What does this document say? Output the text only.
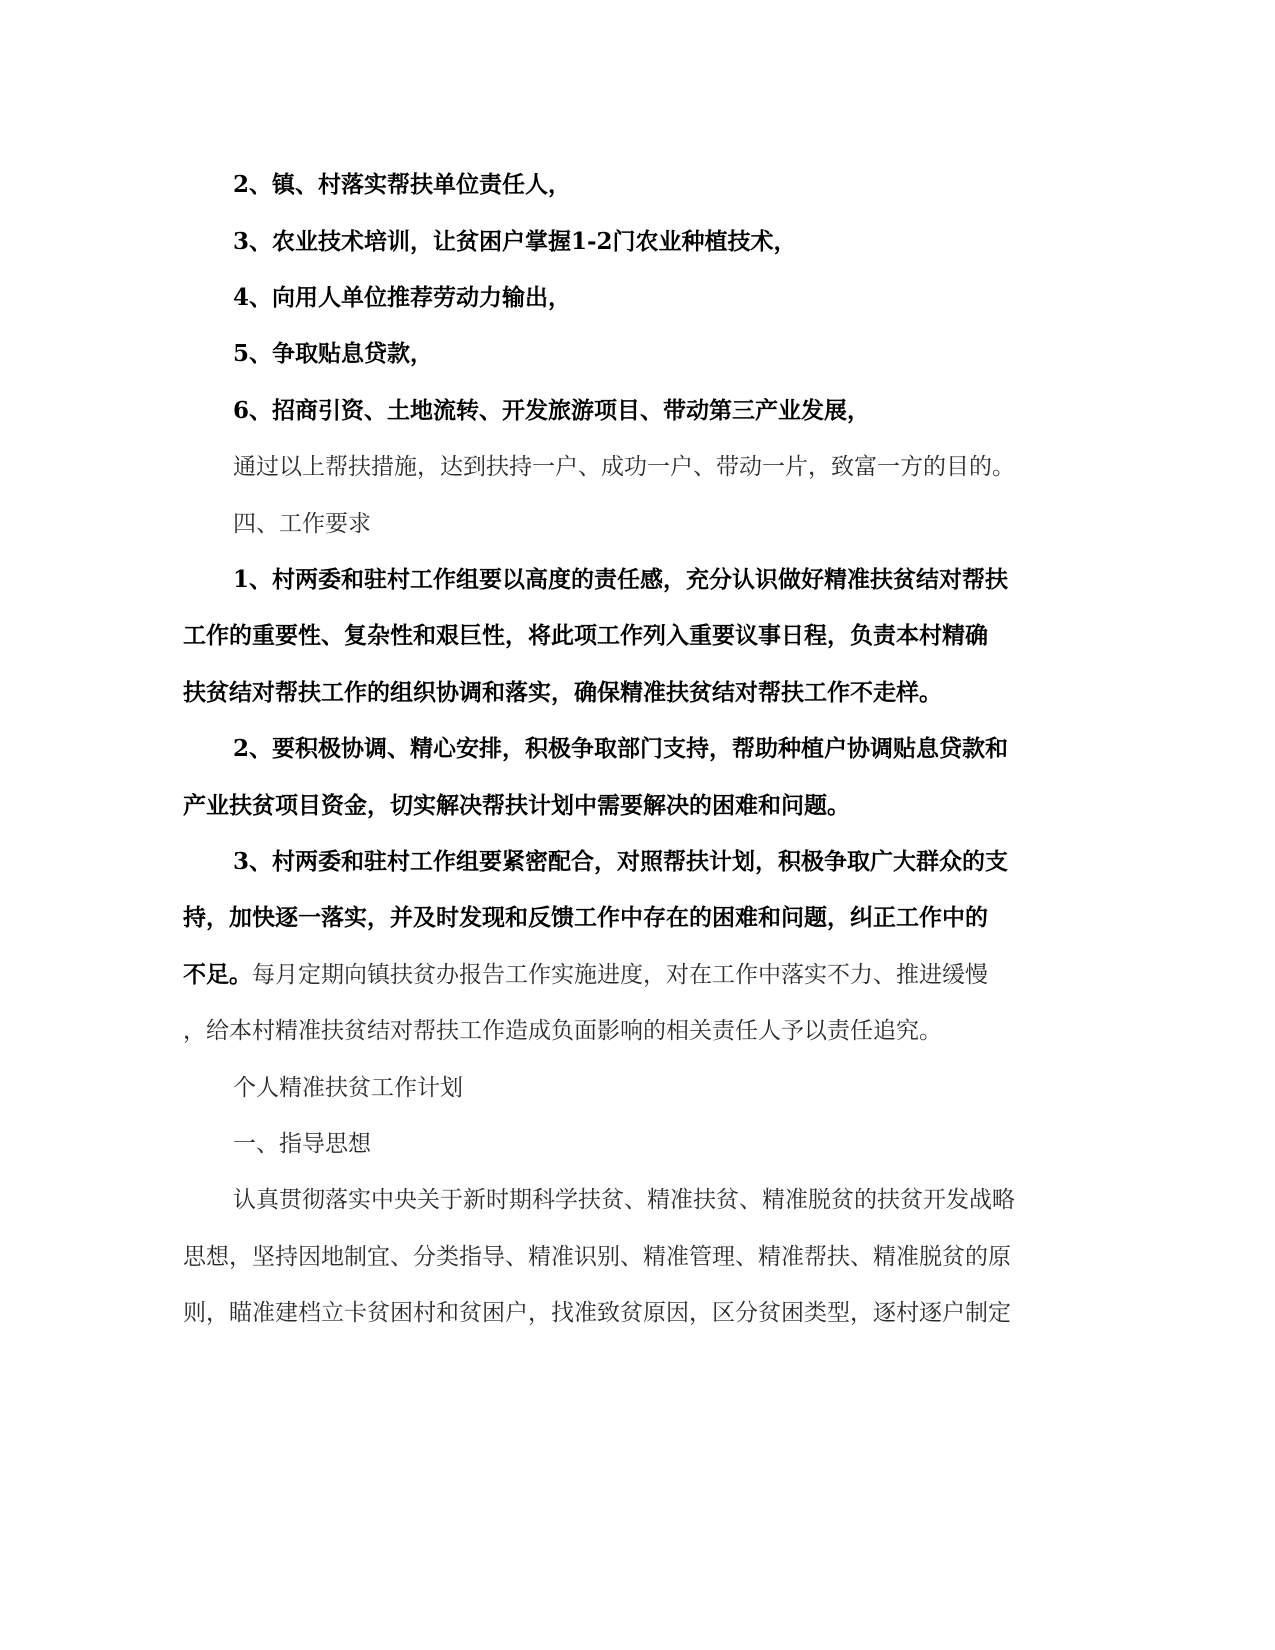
2、镇、村落实帮扶单位责任人，
3、农业技术培训，让贫困户掌握1-2门农业种植技术，
4、向用人单位推荐劳动力输出，
5、争取贴息贷款，
6、招商引资、土地流转、开发旅游项目、带动第三产业发展，
通过以上帮扶措施，达到扶持一户、成功一户、带动一片，致富一方的目的。
四、工作要求
1、村两委和驻村工作组要以高度的责任感，充分认识做好精准扶贫结对帮扶
工作的重要性、复杂性和艰巨性，将此项工作列入重要议事日程，负责本村精确
扶贫结对帮扶工作的组织协调和落实，确保精准扶贫结对帮扶工作不走样。
2、要积极协调、精心安排，积极争取部门支持，帮助种植户协调贴息贷款和
产业扶贫项目资金，切实解决帮扶计划中需要解决的困难和问题。
3、村两委和驻村工作组要紧密配合，对照帮扶计划，积极争取广大群众的支
持，加快逐一落实，并及时发现和反馈工作中存在的困难和问题，纠正工作中的
不足。每月定期向镇扶贫办报告工作实施进度，对在工作中落实不力、推进缓慢
，给本村精准扶贫结对帮扶工作造成负面影响的相关责任人予以责任追究。
个人精准扶贫工作计划
一、指导思想
认真贯彻落实中央关于新时期科学扶贫、精准扶贫、精准脱贫的扶贫开发战略
思想，坚持因地制宜、分类指导、精准识别、精准管理、精准帮扶、精准脱贫的原
则，瞄准建档立卡贫困村和贫困户，找准致贫原因，区分贫困类型，逐村逐户制定
